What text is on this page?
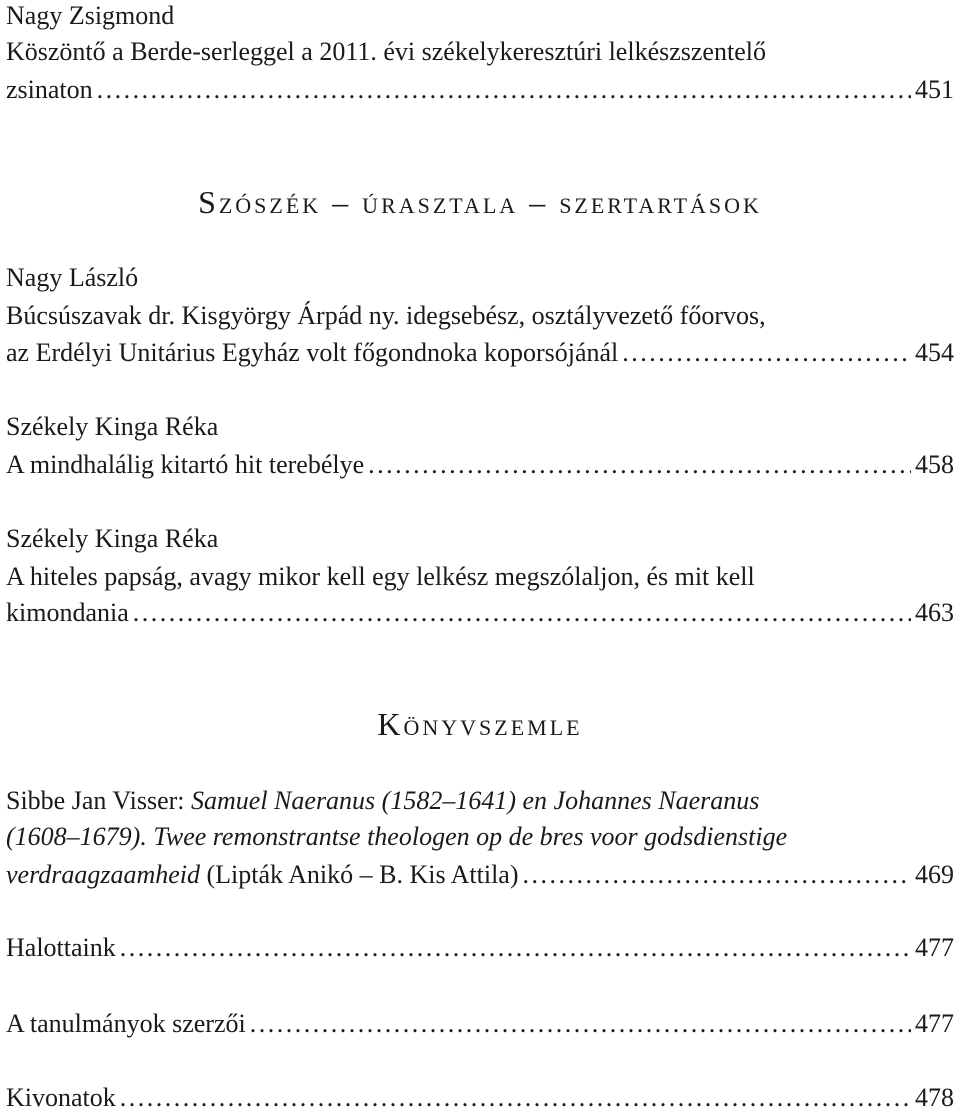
Nagy Zsigmond
Köszöntő a Berde-serleggel a 2011. évi székelykeresztúri lelkészszentelő
zsinaton . . .	451
Szószék – úrasztala – szertartások
Nagy László
Búcsúszavak dr. Kisgyörgy Árpád ny. idegsebész, osztályvezető főorvos,
az Erdélyi Unitárius Egyház volt főgondnoka koporsójánál . . .	454
Székely Kinga Réka
A mindhalálig kitartó hit terebélye . . .	458
Székely Kinga Réka
A hiteles papság, avagy mikor kell egy lelkész megszólaljon, és mit kell
kimondania . . .	463
Könyvszemle
Sibbe Jan Visser: Samuel Naeranus (1582–1641) en Johannes Naeranus
(1608–1679). Twee remonstrantse theologen op de bres voor godsdienstige
verdraagzaamheid (Lipták Anikó – B. Kis Attila) . . .	469
Halottaink . . .	477
A tanulmányok szerzői . . .	477
Kivonatok . . .	478
